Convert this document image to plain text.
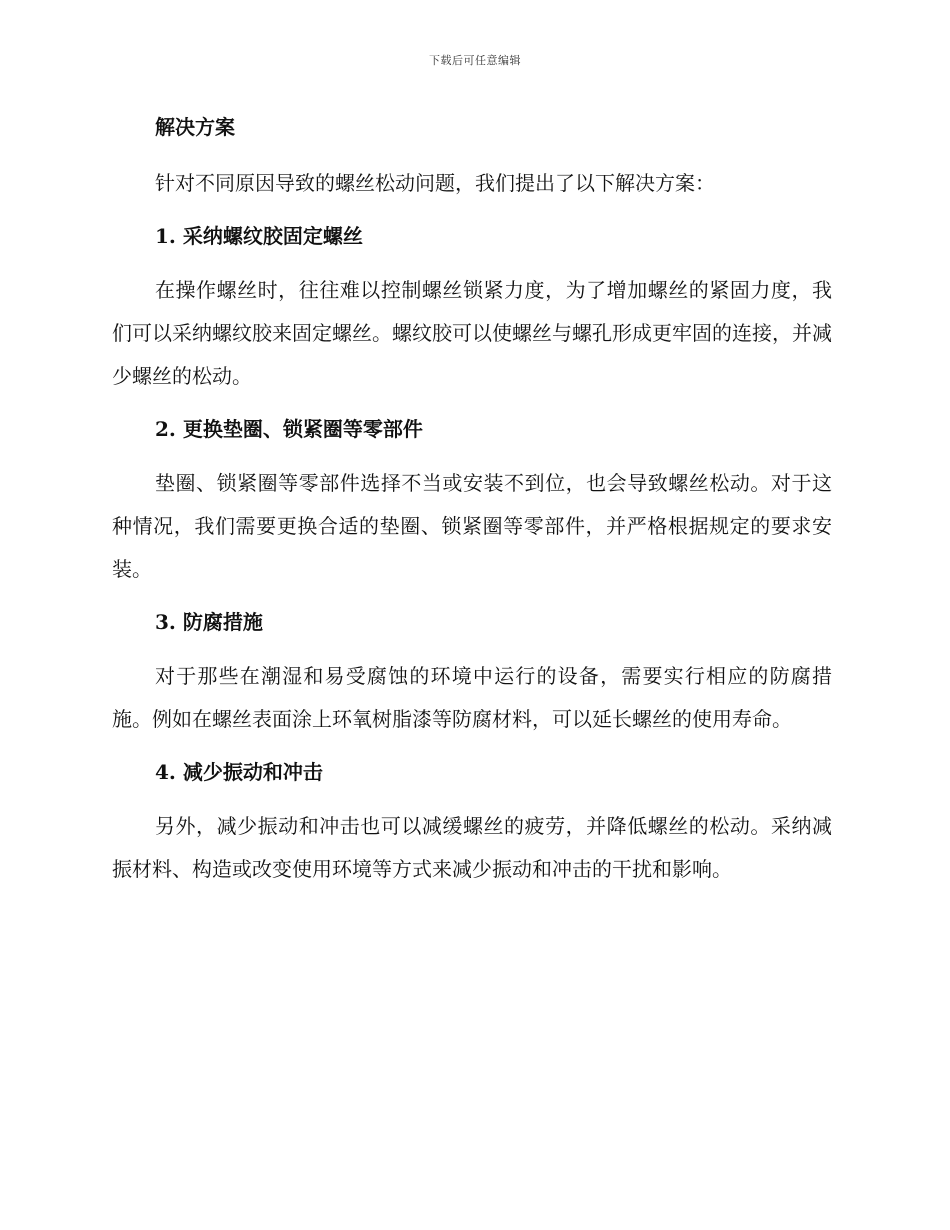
下载后可任意编辑
解决方案

针对不同原因导致的螺丝松动问题，我们提出了以下解决方案：

1. 采纳螺纹胶固定螺丝

在操作螺丝时，往往难以控制螺丝锁紧力度，为了增加螺丝的紧固力度，我们可以采纳螺纹胶来固定螺丝。螺纹胶可以使螺丝与螺孔形成更牢固的连接，并减少螺丝的松动。

2. 更换垫圈、锁紧圈等零部件

垫圈、锁紧圈等零部件选择不当或安装不到位，也会导致螺丝松动。对于这种情况，我们需要更换合适的垫圈、锁紧圈等零部件，并严格根据规定的要求安装。

3. 防腐措施

对于那些在潮湿和易受腐蚀的环境中运行的设备，需要实行相应的防腐措施。例如在螺丝表面涂上环氧树脂漆等防腐材料，可以延长螺丝的使用寿命。

4. 减少振动和冲击

另外，减少振动和冲击也可以减缓螺丝的疲劳，并降低螺丝的松动。采纳减振材料、构造或改变使用环境等方式来减少振动和冲击的干扰和影响。
